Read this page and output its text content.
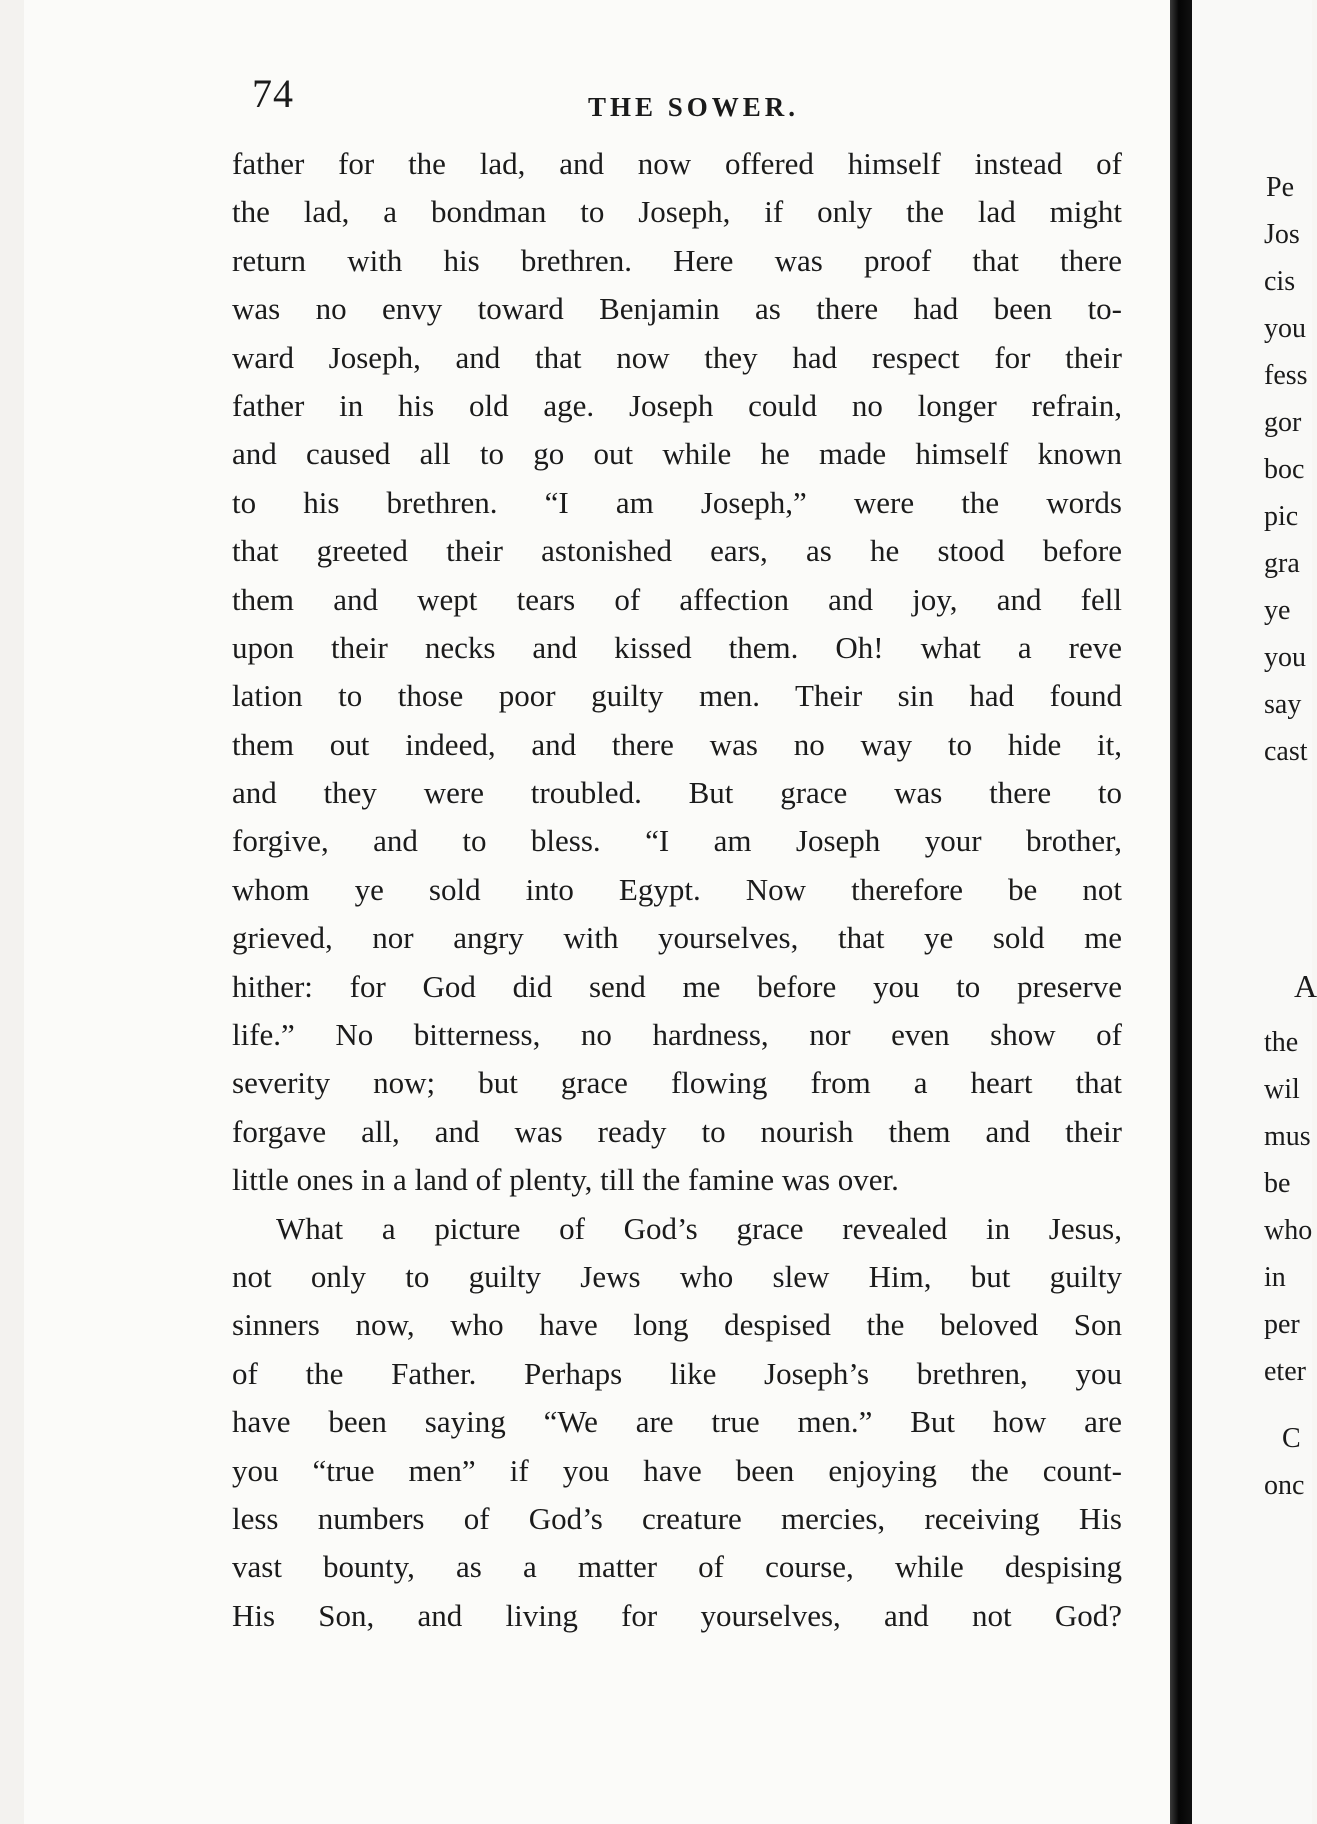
74	THE SOWER.
father for the lad, and now offered himself instead of
the lad, a bondman to Joseph, if only the lad might
return with his brethren. Here was proof that there
was no envy toward Benjamin as there had been to-
ward Joseph, and that now they had respect for their
father in his old age. Joseph could no longer refrain,
and caused all to go out while he made himself known
to his brethren. “I am Joseph,” were the words
that greeted their astonished ears, as he stood before
them and wept tears of affection and joy, and fell
upon their necks and kissed them. Oh! what a reve
lation to those poor guilty men. Their sin had found
them out indeed, and there was no way to hide it,
and they were troubled. But grace was there to
forgive, and to bless. “I am Joseph your brother,
whom ye sold into Egypt. Now therefore be not
grieved, nor angry with yourselves, that ye sold me
hither: for God did send me before you to preserve
life.” No bitterness, no hardness, nor even show of
severity now; but grace flowing from a heart that
forgave all, and was ready to nourish them and their
little ones in a land of plenty, till the famine was over.
What a picture of God’s grace revealed in Jesus,
not only to guilty Jews who slew Him, but guilty
sinners now, who have long despised the beloved Son
of the Father. Perhaps like Joseph’s brethren, you
have been saying “We are true men.” But how are
you “true men” if you have been enjoying the count-
less numbers of God’s creature mercies, receiving His
vast bounty, as a matter of course, while despising
His Son, and living for yourselves, and not God?
Pe
Jos
cis
you
fess
gor
boc
pic
gra
ye
you
say
cast
A
the
wil
mus
be
who
in
per
eter
C
onc
